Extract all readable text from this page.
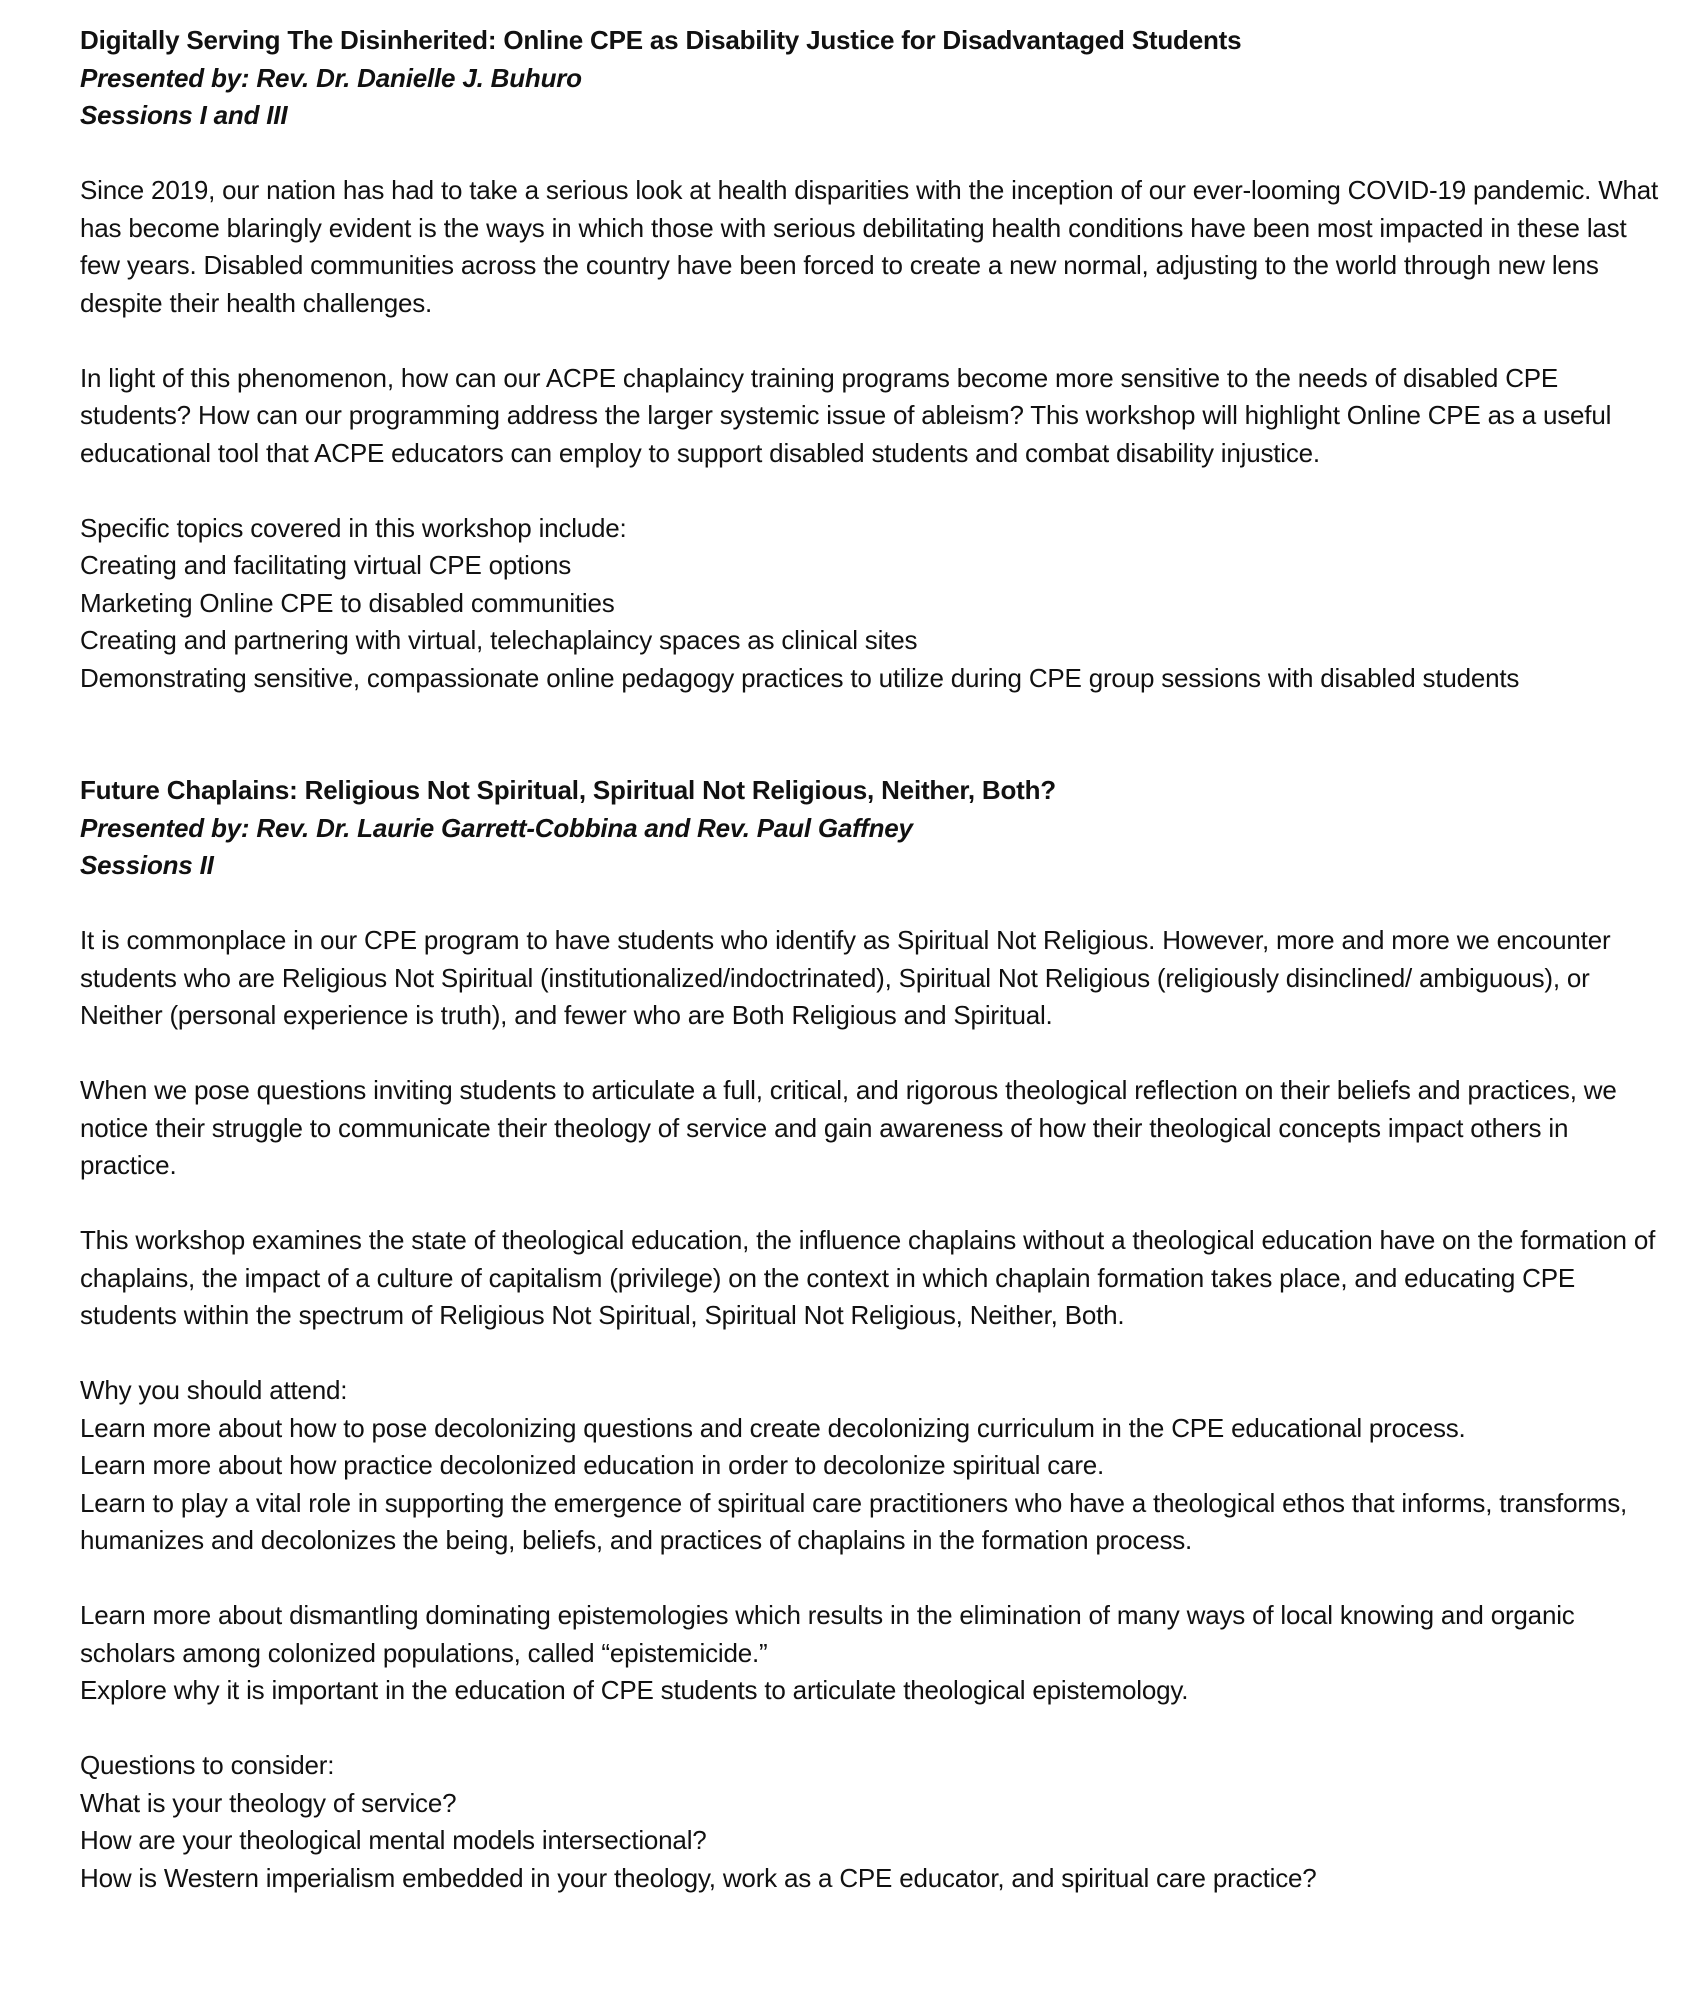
Digitally Serving The Disinherited: Online CPE as Disability Justice for Disadvantaged Students
Presented by: Rev. Dr. Danielle J. Buhuro
Sessions I and III

Since 2019, our nation has had to take a serious look at health disparities with the inception of our ever-looming COVID-19 pandemic. What has become blaringly evident is the ways in which those with serious debilitating health conditions have been most impacted in these last few years. Disabled communities across the country have been forced to create a new normal, adjusting to the world through new lens despite their health challenges.

In light of this phenomenon, how can our ACPE chaplaincy training programs become more sensitive to the needs of disabled CPE students? How can our programming address the larger systemic issue of ableism? This workshop will highlight Online CPE as a useful educational tool that ACPE educators can employ to support disabled students and combat disability injustice.

Specific topics covered in this workshop include:
Creating and facilitating virtual CPE options
Marketing Online CPE to disabled communities
Creating and partnering with virtual, telechaplaincy spaces as clinical sites
Demonstrating sensitive, compassionate online pedagogy practices to utilize during CPE group sessions with disabled students
Future Chaplains: Religious Not Spiritual, Spiritual Not Religious, Neither, Both?
Presented by: Rev. Dr. Laurie Garrett-Cobbina and Rev. Paul Gaffney
Sessions II

It is commonplace in our CPE program to have students who identify as Spiritual Not Religious. However, more and more we encounter students who are Religious Not Spiritual (institutionalized/indoctrinated), Spiritual Not Religious (religiously disinclined/ ambiguous), or Neither (personal experience is truth), and fewer who are Both Religious and Spiritual.

When we pose questions inviting students to articulate a full, critical, and rigorous theological reflection on their beliefs and practices, we notice their struggle to communicate their theology of service and gain awareness of how their theological concepts impact others in practice.

This workshop examines the state of theological education, the influence chaplains without a theological education have on the formation of chaplains, the impact of a culture of capitalism (privilege) on the context in which chaplain formation takes place, and educating CPE students within the spectrum of Religious Not Spiritual, Spiritual Not Religious, Neither, Both.

Why you should attend:
Learn more about how to pose decolonizing questions and create decolonizing curriculum in the CPE educational process.
Learn more about how practice decolonized education in order to decolonize spiritual care.
Learn to play a vital role in supporting the emergence of spiritual care practitioners who have a theological ethos that informs, transforms, humanizes and decolonizes the being, beliefs, and practices of chaplains in the formation process.
Learn more about dismantling dominating epistemologies which results in the elimination of many ways of local knowing and organic scholars among colonized populations, called “epistemicide.”
Explore why it is important in the education of CPE students to articulate theological epistemology.
Questions to consider:
What is your theology of service?
How are your theological mental models intersectional?
How is Western imperialism embedded in your theology, work as a CPE educator, and spiritual care practice?
